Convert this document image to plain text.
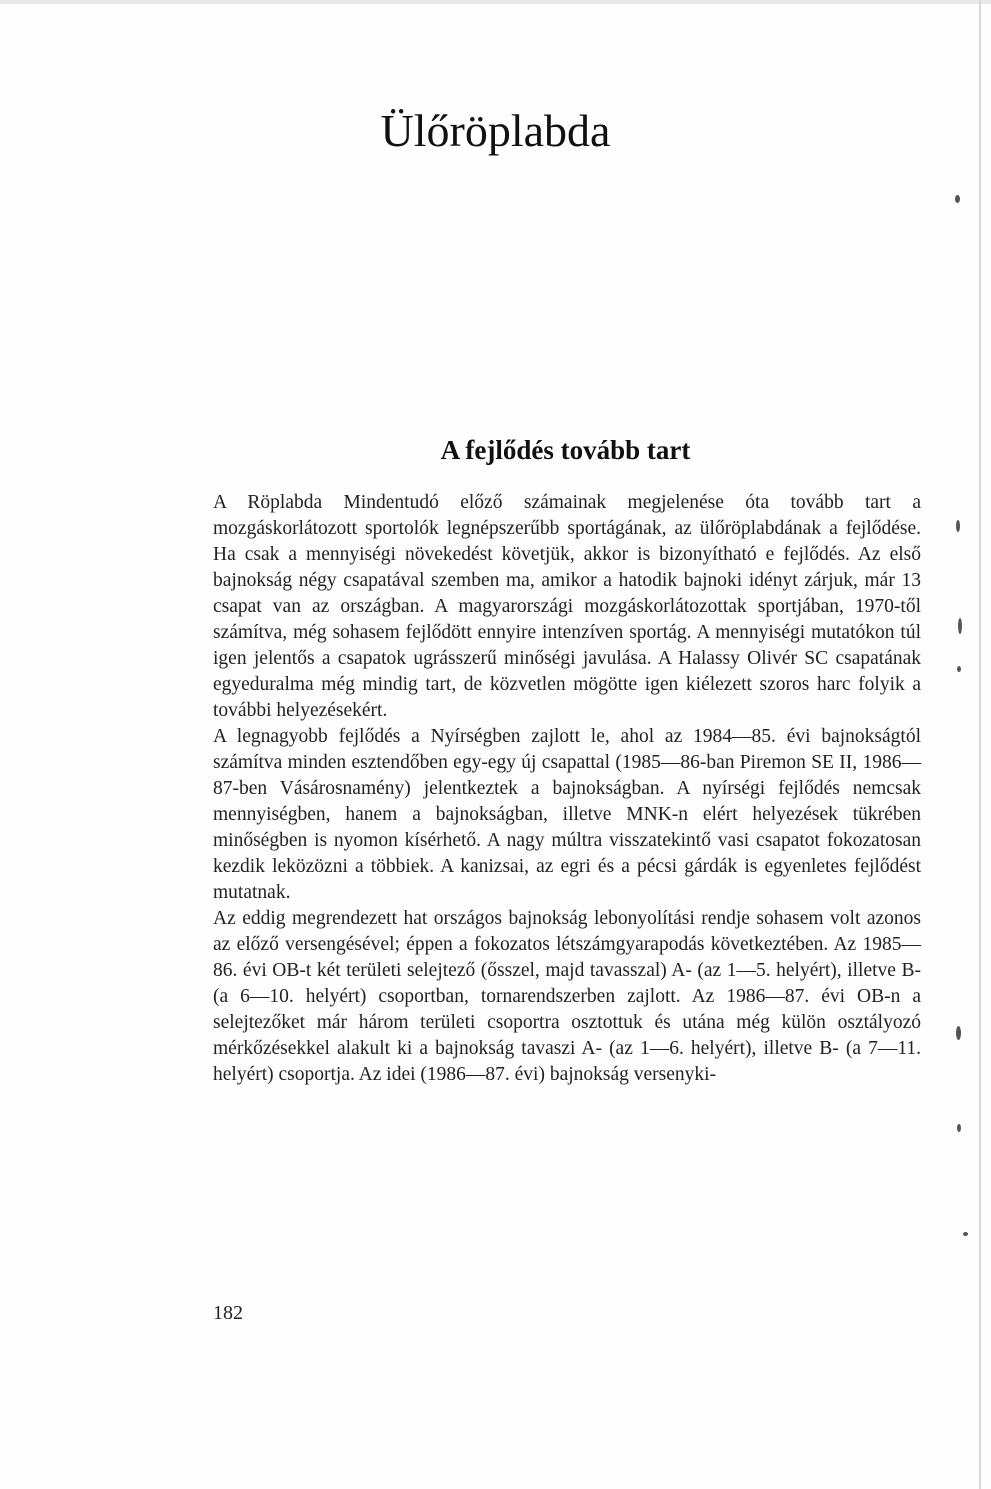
Ülőröplabda
A fejlődés tovább tart

A Röplabda Mindentudó előző számainak megjelenése óta tovább tart a mozgáskorlátozott sportolók legnépszerűbb sportágának, az ülőröplabdának a fejlődése. Ha csak a mennyiségi növekedést követjük, akkor is bizonyítható e fejlődés. Az első bajnokság négy csapatával szemben ma, amikor a hatodik bajnoki idényt zárjuk, már 13 csapat van az országban. A magyarországi mozgáskorlátozottak sportjában, 1970-től számítva, még sohasem fejlődött ennyire intenzíven sportág. A mennyiségi mutatókon túl igen jelentős a csapatok ugrásszerű minőségi javulása. A Halassy Olivér SC csapatának egyeduralma még mindig tart, de közvetlen mögötte igen kiélezett szoros harc folyik a további helyezésekért.

A legnagyobb fejlődés a Nyírségben zajlott le, ahol az 1984—85. évi bajnokságtól számítva minden esztendőben egy-egy új csapattal (1985—86-ban Piremon SE II, 1986—87-ben Vásárosnamény) jelentkeztek a bajnokságban. A nyírségi fejlődés nemcsak mennyiségben, hanem a bajnokságban, illetve MNK-n elért helyezések tükrében minőségben is nyomon kísérhető. A nagy múltra visszatekintő vasi csapatot fokozatosan kezdik leközözni a többiek. A kanizsai, az egri és a pécsi gárdák is egyenletes fejlődést mutatnak.

Az eddig megrendezett hat országos bajnokság lebonyolítási rendje sohasem volt azonos az előző versengésével; éppen a fokozatos létszámgyarapodás következtében. Az 1985—86. évi OB-t két területi selejtező (ősszel, majd tavasszal) A- (az 1—5. helyért), illetve B- (a 6—10. helyért) csoportban, tornarendszerben zajlott. Az 1986—87. évi OB-n a selejtezőket már három területi csoportra osztottuk és utána még külön osztályozó mérkőzésekkel alakult ki a bajnokság tavaszi A- (az 1—6. helyért), illetve B- (a 7—11. helyért) csoportja. Az idei (1986—87. évi) bajnokság versenyki-

182
